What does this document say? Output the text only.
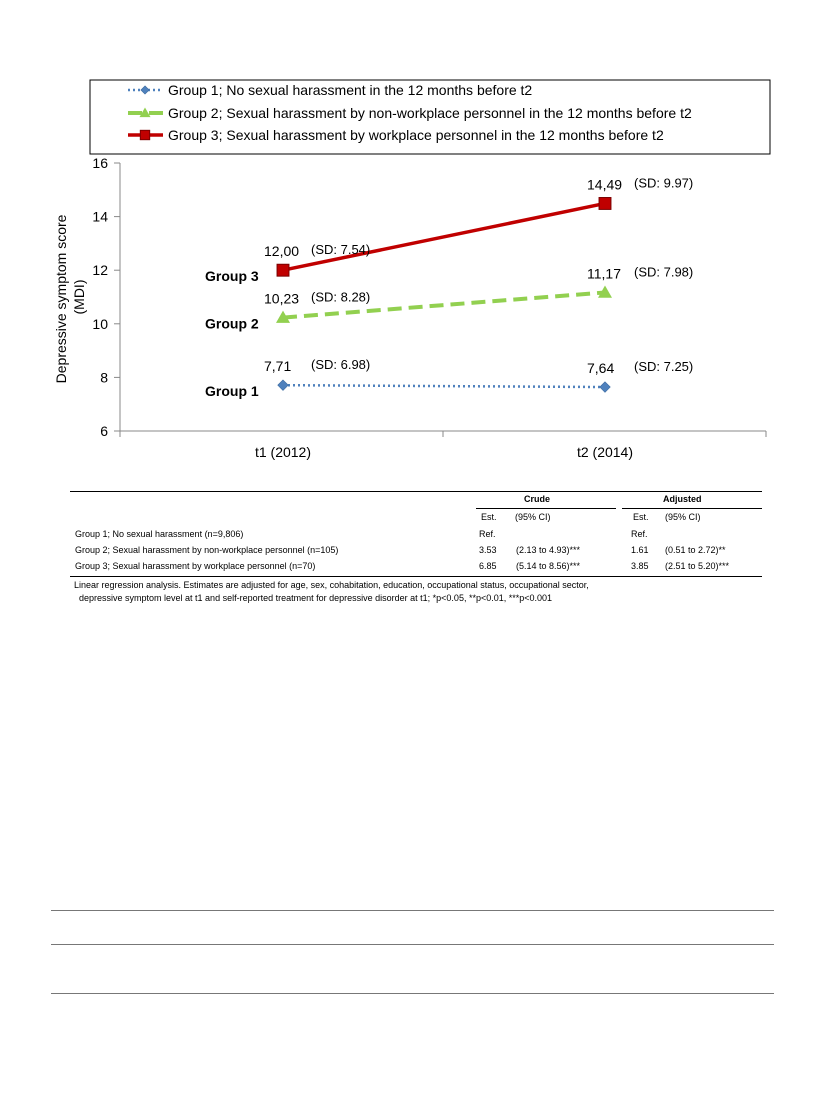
Group 1; No sexual harassment in the 12 months before t2
Group 2; Sexual harassment by non-workplace personnel in the 12 months before t2
Group 3; Sexual harassment by workplace personnel in the 12 months before t2
6
8
10
12
14
16
t1 (2012)	t2 (2014)
Depressive symptom score (MDI)
7,71 (SD: 6.98)	7,64 (SD: 7.25)
Group 1
10,23 (SD: 8.28)
11,17 (SD: 7.98)
Group 2
12,00 (SD: 7.54)
14,49 (SD: 9.97)
Group 3
Crude	Adjusted
Est. (95% CI)	Est. (95% CI)
Group 1; No sexual harassment (n=9,806)	Ref.	Ref.
Group 2; Sexual harassment by non-workplace personnel (n=105)	3.53 (2.13 to 4.93)***	1.61 (0.51 to 2.72)**
Group 3; Sexual harassment by workplace personnel (n=70)	6.85 (5.14 to 8.56)***	3.85 (2.51 to 5.20)***
Linear regression analysis. Estimates are adjusted for age, sex, cohabitation, education, occupational status, occupational sector,
depressive symptom level at t1 and self-reported treatment for depressive disorder at t1; *p<0.05, **p<0.01, ***p<0.001
